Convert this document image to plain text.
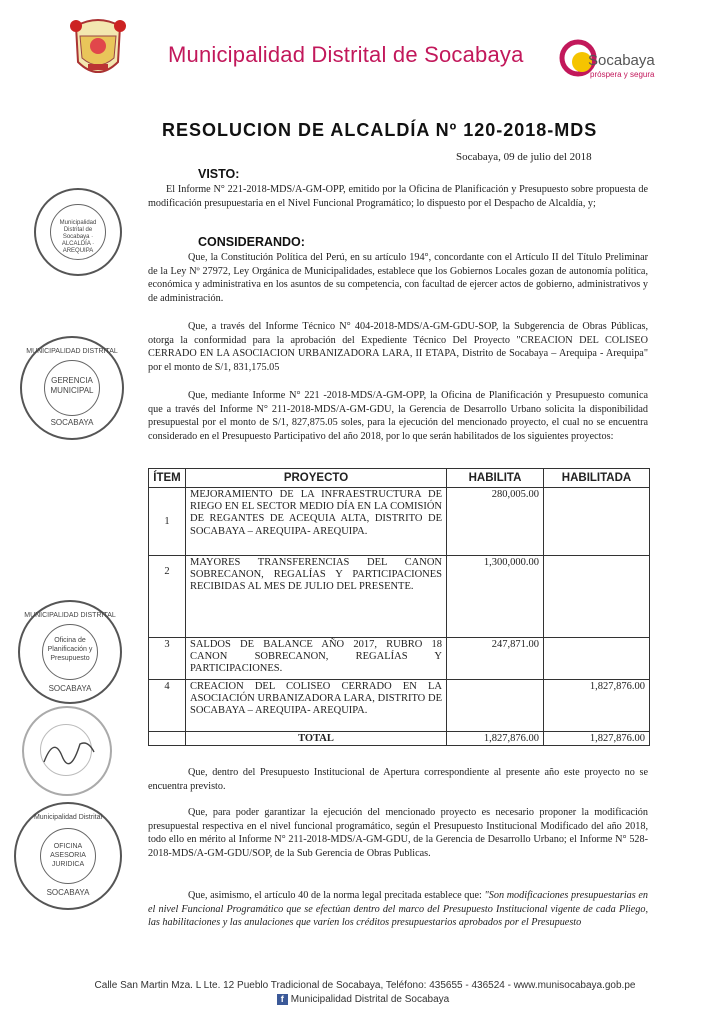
Municipalidad Distrital de Socabaya	Socabaya
próspera y segura
RESOLUCION DE ALCALDÍA Nº 120-2018-MDS
Socabaya, 09 de julio del 2018
VISTO:

El Informe N° 221-2018-MDS/A-GM-OPP, emitido por la Oficina de Planificación y Presupuesto sobre propuesta de modificación presupuestaria en el Nivel Funcional Programático; lo dispuesto por el Despacho de Alcaldía, y;

CONSIDERANDO:

Que, la Constitución Política del Perú, en su artículo 194°, concordante con el Artículo II del Título Preliminar de la Ley Nº 27972, Ley Orgánica de Municipalidades, establece que los Gobiernos Locales gozan de autonomía política, económica y administrativa en los asuntos de su competencia, con facultad de ejercer actos de gobierno, administrativos y de administración.

Que, a través del Informe Técnico N° 404-2018-MDS/A-GM-GDU-SOP, la Subgerencia de Obras Públicas, otorga la conformidad para la aprobación del Expediente Técnico Del Proyecto "CREACION DEL COLISEO CERRADO EN LA ASOCIACION URBANIZADORA LARA, II ETAPA, Distrito de Socabaya – Arequipa - Arequipa" por el monto de S/1, 831,175.05

Que, mediante Informe N° 221 -2018-MDS/A-GM-OPP, la Oficina de Planificación y Presupuesto comunica que a través del Informe N° 211-2018-MDS/A-GM-GDU, la Gerencia de Desarrollo Urbano solicita la disponibilidad presupuestal por el monto de S/1, 827,875.05 soles, para la ejecución del mencionado proyecto, el cual no se encuentra considerado en el Presupuesto Participativo del año 2018, por lo que serán habilitados de los siguientes proyectos:

ÍTEM	PROYECTO	HABILITA	HABILITADA
1	MEJORAMIENTO DE LA INFRAESTRUCTURA DE RIEGO EN EL SECTOR MEDIO DÍA EN LA COMISIÓN DE REGANTES DE ACEQUIA ALTA, DISTRITO DE SOCABAYA – AREQUIPA- AREQUIPA.	280,005.00	
2	MAYORES TRANSFERENCIAS DEL CANON SOBRECANON, REGALÍAS Y PARTICIPACIONES RECIBIDAS AL MES DE JULIO DEL PRESENTE.	1,300,000.00	
3	SALDOS DE BALANCE AÑO 2017, RUBRO 18 CANON SOBRECANON, REGALÍAS Y PARTICIPACIONES.	247,871.00	
4	CREACION DEL COLISEO CERRADO EN LA ASOCIACIÓN URBANIZADORA LARA, DISTRITO DE SOCABAYA – AREQUIPA- AREQUIPA.		1,827,876.00
	TOTAL	1,827,876.00	1,827,876.00

Que, dentro del Presupuesto Institucional de Apertura correspondiente al presente año este proyecto no se encuentra previsto.

Que, para poder garantizar la ejecución del mencionado proyecto es necesario proponer la modificación presupuestal respectiva en el nivel funcional programático, según el Presupuesto Institucional Modificado del año 2018, todo ello en mérito al Informe N° 211-2018-MDS/A-GM-GDU, de la Gerencia de Desarrollo Urbano; el Informe N° 528-2018-MDS/A-GM-GDU/SOP, de la Sub Gerencia de Obras Publicas.

Que, asimismo, el artículo 40 de la norma legal precitada establece que: "Son modificaciones presupuestarias en el nivel Funcional Programático que se efectúan dentro del marco del Presupuesto Institucional vigente de cada Pliego, las habilitaciones y las anulaciones que varíen los créditos presupuestarios aprobados por el Presupuesto

Municipalidad Distrital de Socabaya · ALCALDÍA · AREQUIPA
MUNICIPALIDAD DISTRITAL
GERENCIA MUNICIPAL
SOCABAYA
MUNICIPALIDAD DISTRITAL
Oficina de Planificación y Presupuesto
SOCABAYA
Municipalidad Distrital
OFICINA ASESORIA JURIDICA
SOCABAYA
Calle San Martin Mza. L Lte. 12 Pueblo Tradicional de Socabaya, Teléfono: 435655 - 436524 - www.munisocabaya.gob.pe
f Municipalidad Distrital de Socabaya
